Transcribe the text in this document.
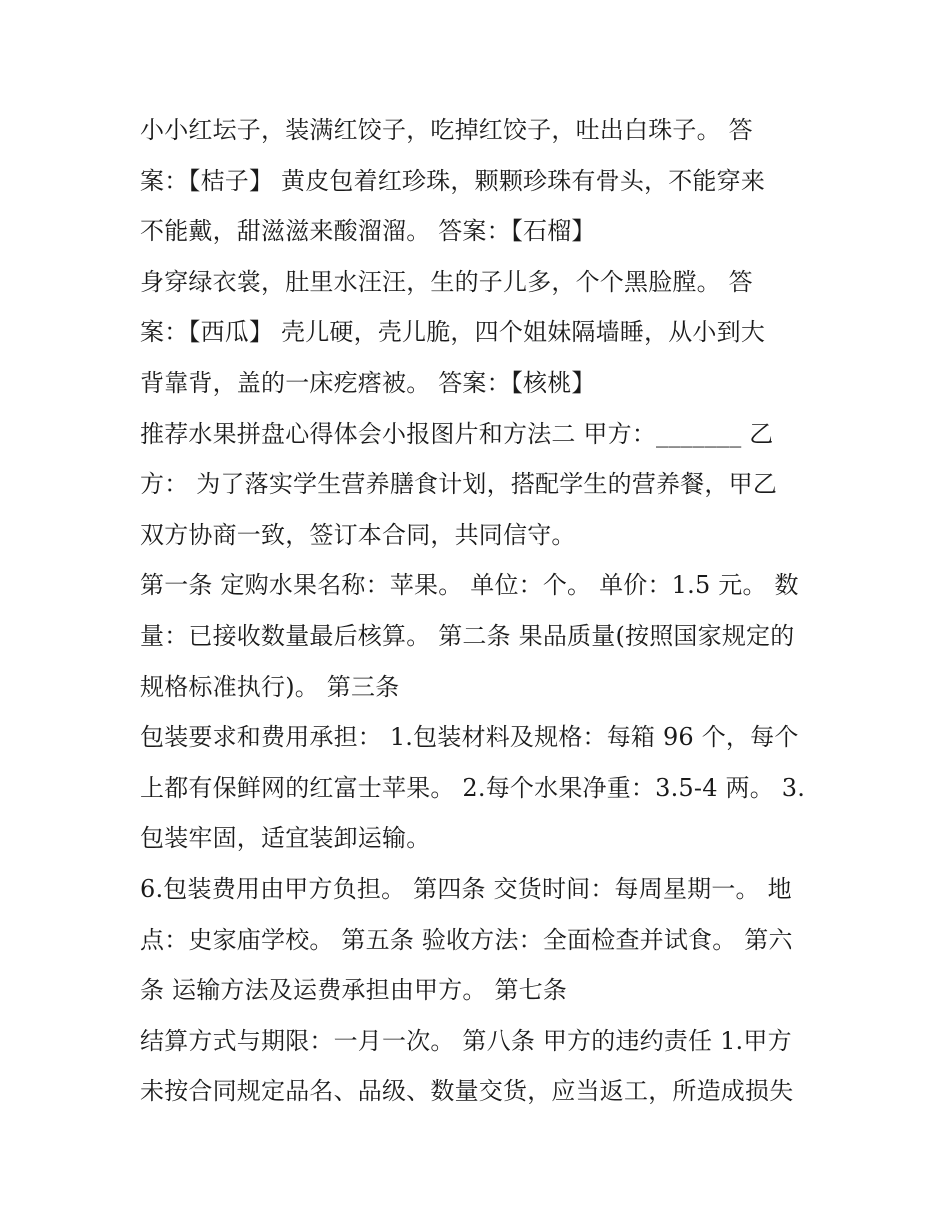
小小红坛子，装满红饺子，吃掉红饺子，吐出白珠子。 答
案：【桔子】 黄皮包着红珍珠，颗颗珍珠有骨头，不能穿来
不能戴，甜滋滋来酸溜溜。 答案：【石榴】
身穿绿衣裳，肚里水汪汪，生的子儿多，个个黑脸膛。 答
案：【西瓜】 壳儿硬，壳儿脆，四个姐妹隔墙睡，从小到大
背靠背，盖的一床疙瘩被。 答案：【核桃】
推荐水果拼盘心得体会小报图片和方法二 甲方：_______ 乙
方： 为了落实学生营养膳食计划，搭配学生的营养餐，甲乙
双方协商一致，签订本合同，共同信守。
第一条 定购水果名称：苹果。 单位：个。 单价：1.5 元。 数
量：已接收数量最后核算。 第二条 果品质量(按照国家规定的
规格标准执行)。 第三条
包装要求和费用承担： 1.包装材料及规格：每箱 96 个，每个
上都有保鲜网的红富士苹果。 2.每个水果净重：3.5-4 两。 3.
包装牢固，适宜装卸运输。
6.包装费用由甲方负担。 第四条 交货时间：每周星期一。 地
点：史家庙学校。 第五条 验收方法：全面检查并试食。 第六
条 运输方法及运费承担由甲方。 第七条
结算方式与期限：一月一次。 第八条 甲方的违约责任 1.甲方
未按合同规定品名、品级、数量交货，应当返工，所造成损失
